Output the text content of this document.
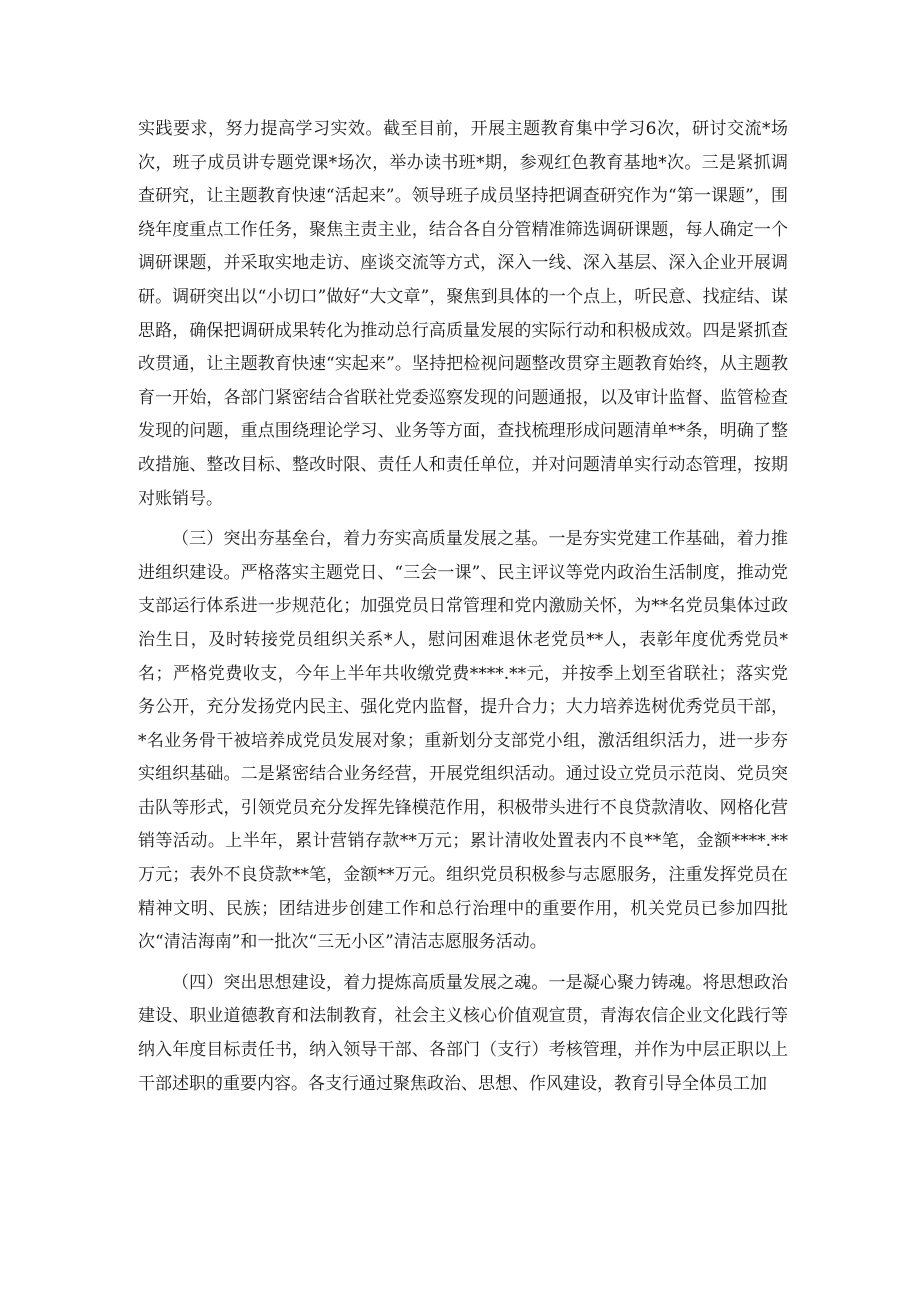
实践要求，努力提高学习实效。截至目前，开展主题教育集中学习6次，研讨交流*场次，班子成员讲专题党课*场次，举办读书班*期，参观红色教育基地*次。三是紧抓调查研究，让主题教育快速“活起来”。领导班子成员坚持把调查研究作为“第一课题”，围绕年度重点工作任务，聚焦主责主业，结合各自分管精准筛选调研课题，每人确定一个调研课题，并采取实地走访、座谈交流等方式，深入一线、深入基层、深入企业开展调研。调研突出以“小切口”做好“大文章”，聚焦到具体的一个点上，听民意、找症结、谋思路，确保把调研成果转化为推动总行高质量发展的实际行动和积极成效。四是紧抓查改贯通，让主题教育快速“实起来”。坚持把检视问题整改贯穿主题教育始终，从主题教育一开始，各部门紧密结合省联社党委巡察发现的问题通报，以及审计监督、监管检查发现的问题，重点围绕理论学习、业务等方面，查找梳理形成问题清单**条，明确了整改措施、整改目标、整改时限、责任人和责任单位，并对问题清单实行动态管理，按期对账销号。

（三）突出夯基垒台，着力夯实高质量发展之基。一是夯实党建工作基础，着力推进组织建设。严格落实主题党日、“三会一课”、民主评议等党内政治生活制度，推动党支部运行体系进一步规范化；加强党员日常管理和党内激励关怀，为**名党员集体过政治生日，及时转接党员组织关系*人，慰问困难退休老党员**人，表彰年度优秀党员*名；严格党费收支，今年上半年共收缴党费****.**元，并按季上划至省联社；落实党务公开，充分发扬党内民主、强化党内监督，提升合力；大力培养选树优秀党员干部，*名业务骨干被培养成党员发展对象；重新划分支部党小组，激活组织活力，进一步夯实组织基础。二是紧密结合业务经营，开展党组织活动。通过设立党员示范岗、党员突击队等形式，引领党员充分发挥先锋模范作用，积极带头进行不良贷款清收、网格化营销等活动。上半年，累计营销存款**万元；累计清收处置表内不良**笔，金额****.**万元；表外不良贷款**笔，金额**万元。组织党员积极参与志愿服务，注重发挥党员在精神文明、民族；团结进步创建工作和总行治理中的重要作用，机关党员已参加四批次“清洁海南”和一批次“三无小区”清洁志愿服务活动。

（四）突出思想建设，着力提炼高质量发展之魂。一是凝心聚力铸魂。将思想政治建设、职业道德教育和法制教育，社会主义核心价值观宣贯，青海农信企业文化践行等纳入年度目标责任书，纳入领导干部、各部门（支行）考核管理，并作为中层正职以上干部述职的重要内容。各支行通过聚焦政治、思想、作风建设，教育引导全体员工加
